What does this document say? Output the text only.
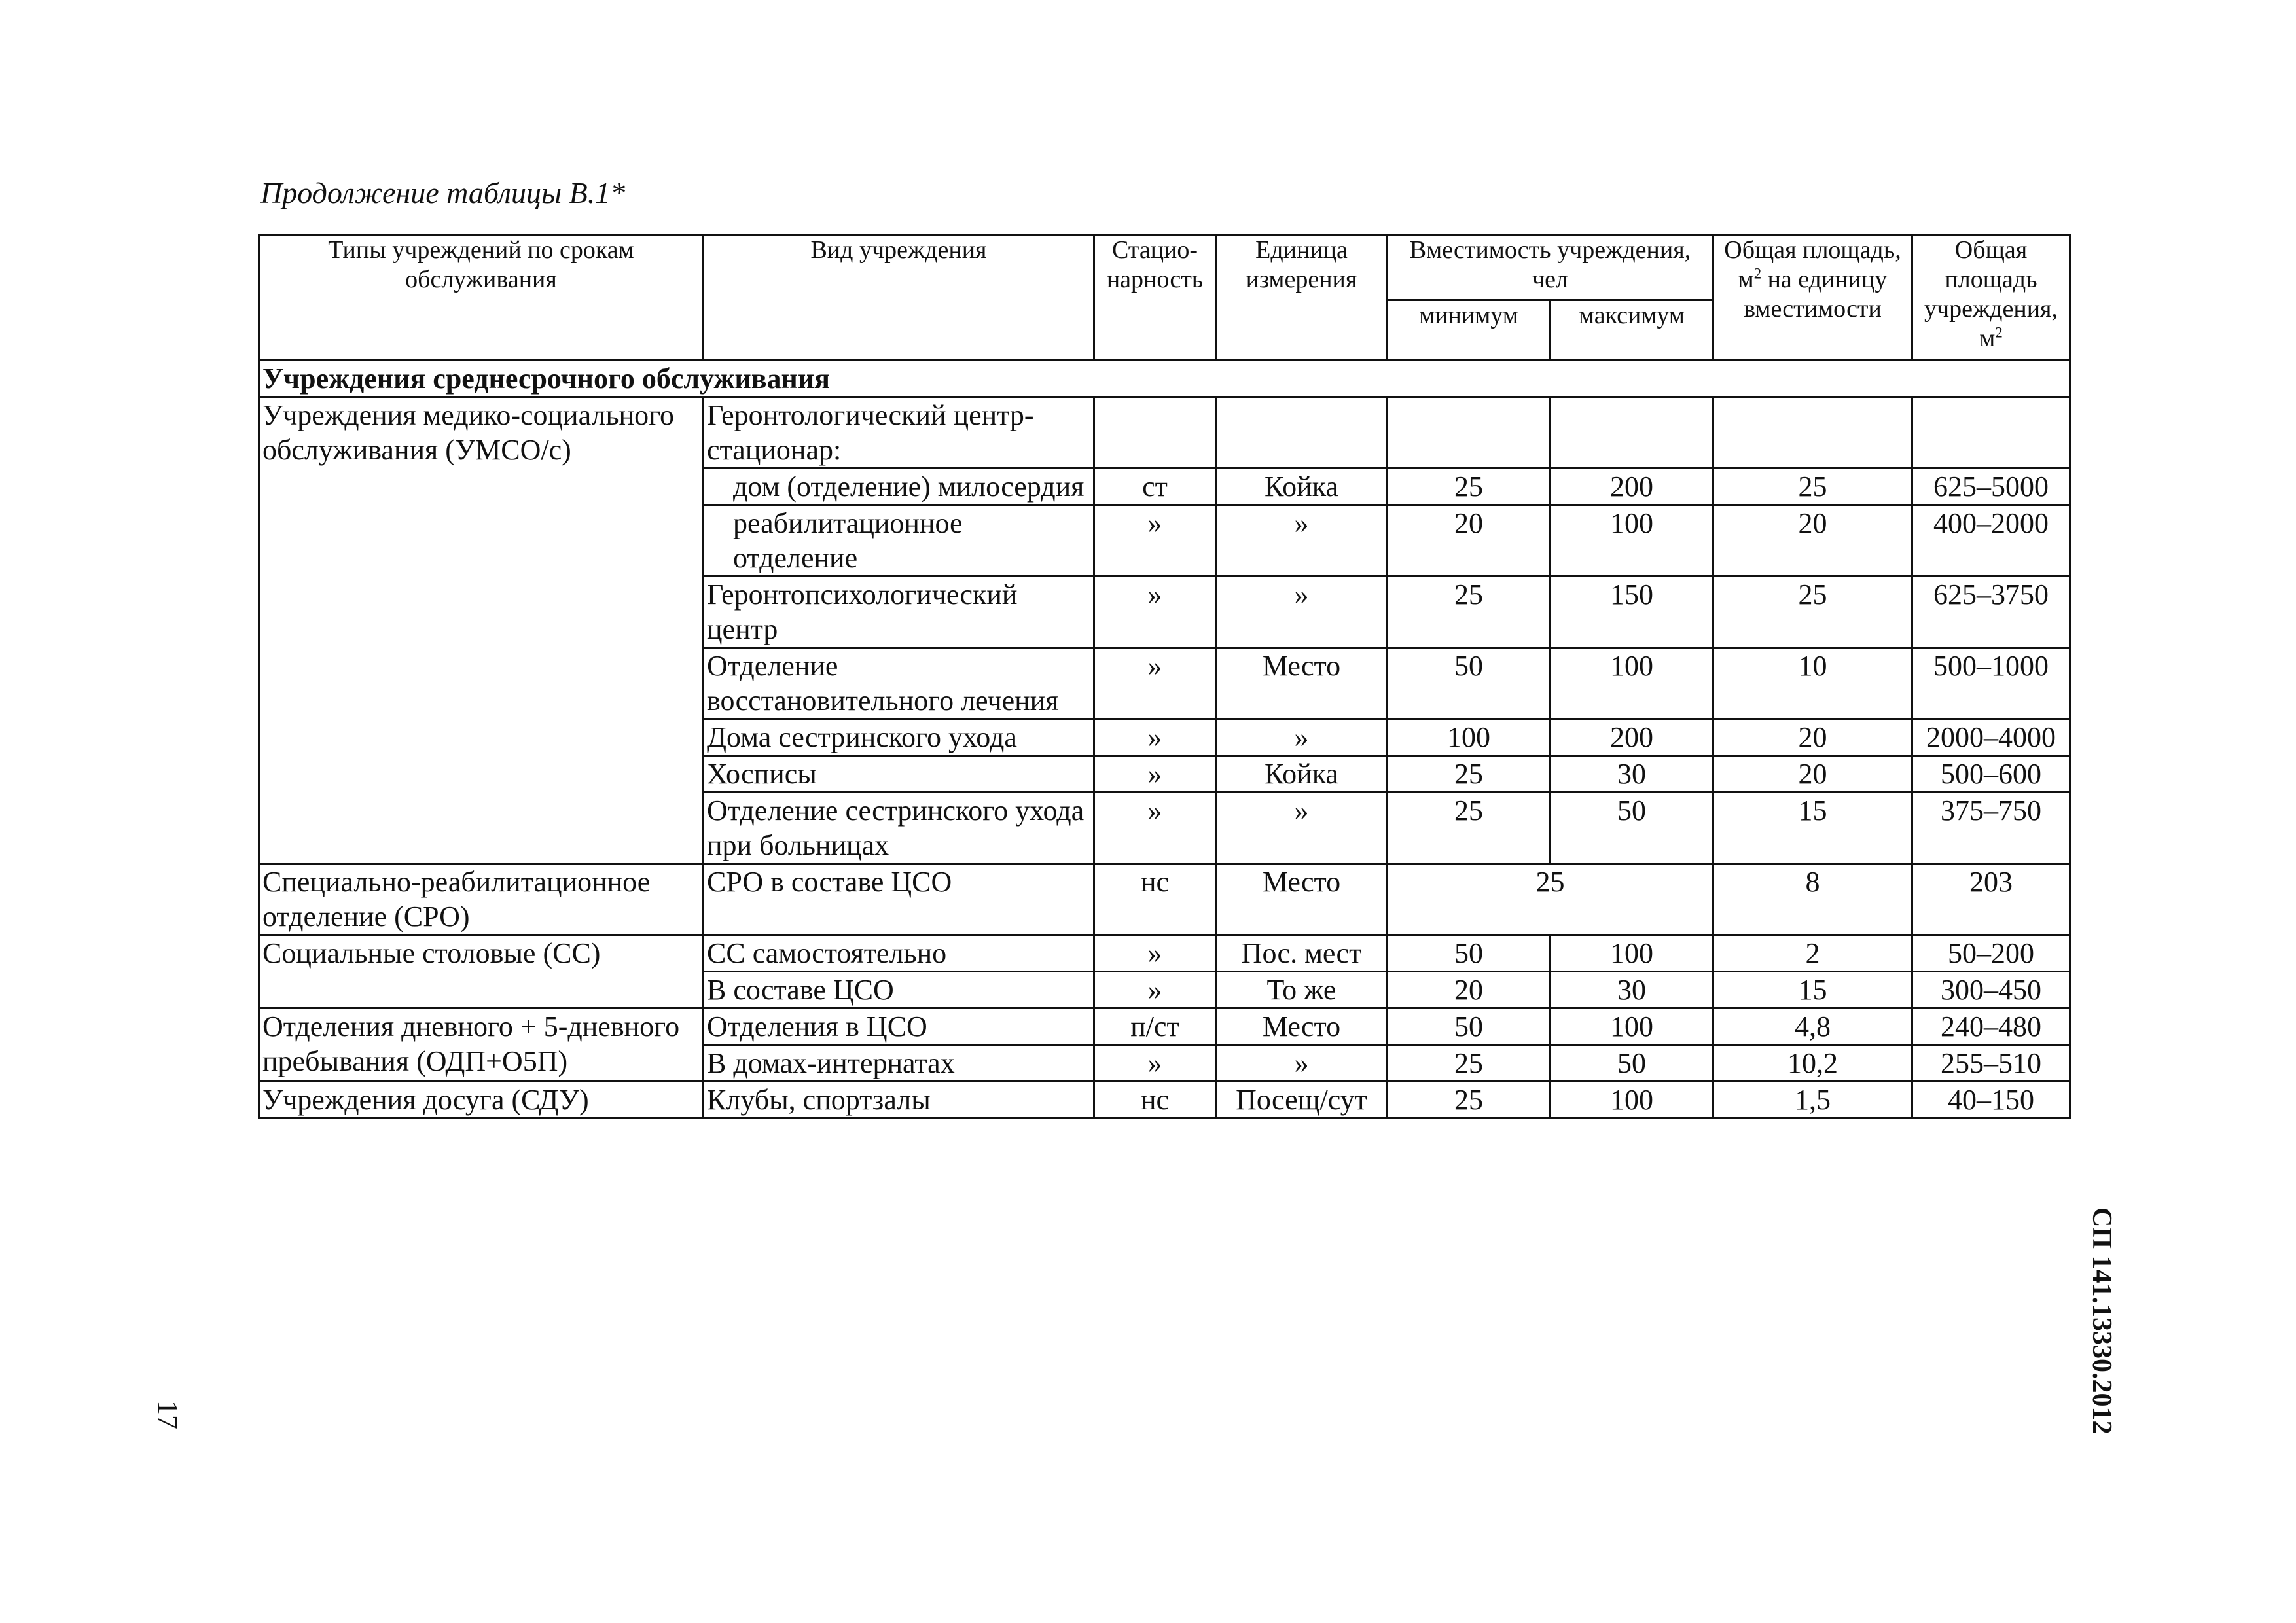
Продолжение таблицы В.1*
Типы учреждений по срокам обслуживания	Вид учреждения	Стацио-нарность	Единица измерения	Вместимость учреждения, чел		Общая площадь, $м^2$ на единицу вместимости	Общая площадь учреждения, $м^2$
				минимум	максимум		
Учреждения среднесрочного обслуживания							
Учреждения медико-социального обслуживания (УМСО/с)	Геронтологический центр-стационар:						

	дом (отделение) милосердия	ст	Койка	25	200	25	625–5000

	реабилитационное отделение	»	»	20	100	20	400–2000
	Геронтопсихологический центр	»	»	25	150	25	625–3750
	Отделение восстановительного лечения	»	Место	50	100	10	500–1000
	Дома сестринского ухода	»	»	100	200	20	2000–4000
	Хосписы	»	Койка	25	30	20	500–600
	Отделение сестринского ухода при больницах	»	»	25	50	15	375–750
Специально-реабилитационное отделение (СРО)	СРО в составе ЦСО	нс	Место	25		8	203
Социальные столовые (СС)	СС самостоятельно	»	Пос. мест	50	100	2	50–200
	В составе ЦСО	»	То же	20	30	15	300–450
Отделения дневного + 5-дневного пребывания (ОДП+О5П)	Отделения в ЦСО	п/ст	Место	50	100	4,8	240–480
	В домах-интернатах	»	»	25	50	10,2	255–510
Учреждения досуга (СДУ)	Клубы, спортзалы	нс	Посещ/сут	25	100	1,5	40–150
СП 141.13330.2012
17
